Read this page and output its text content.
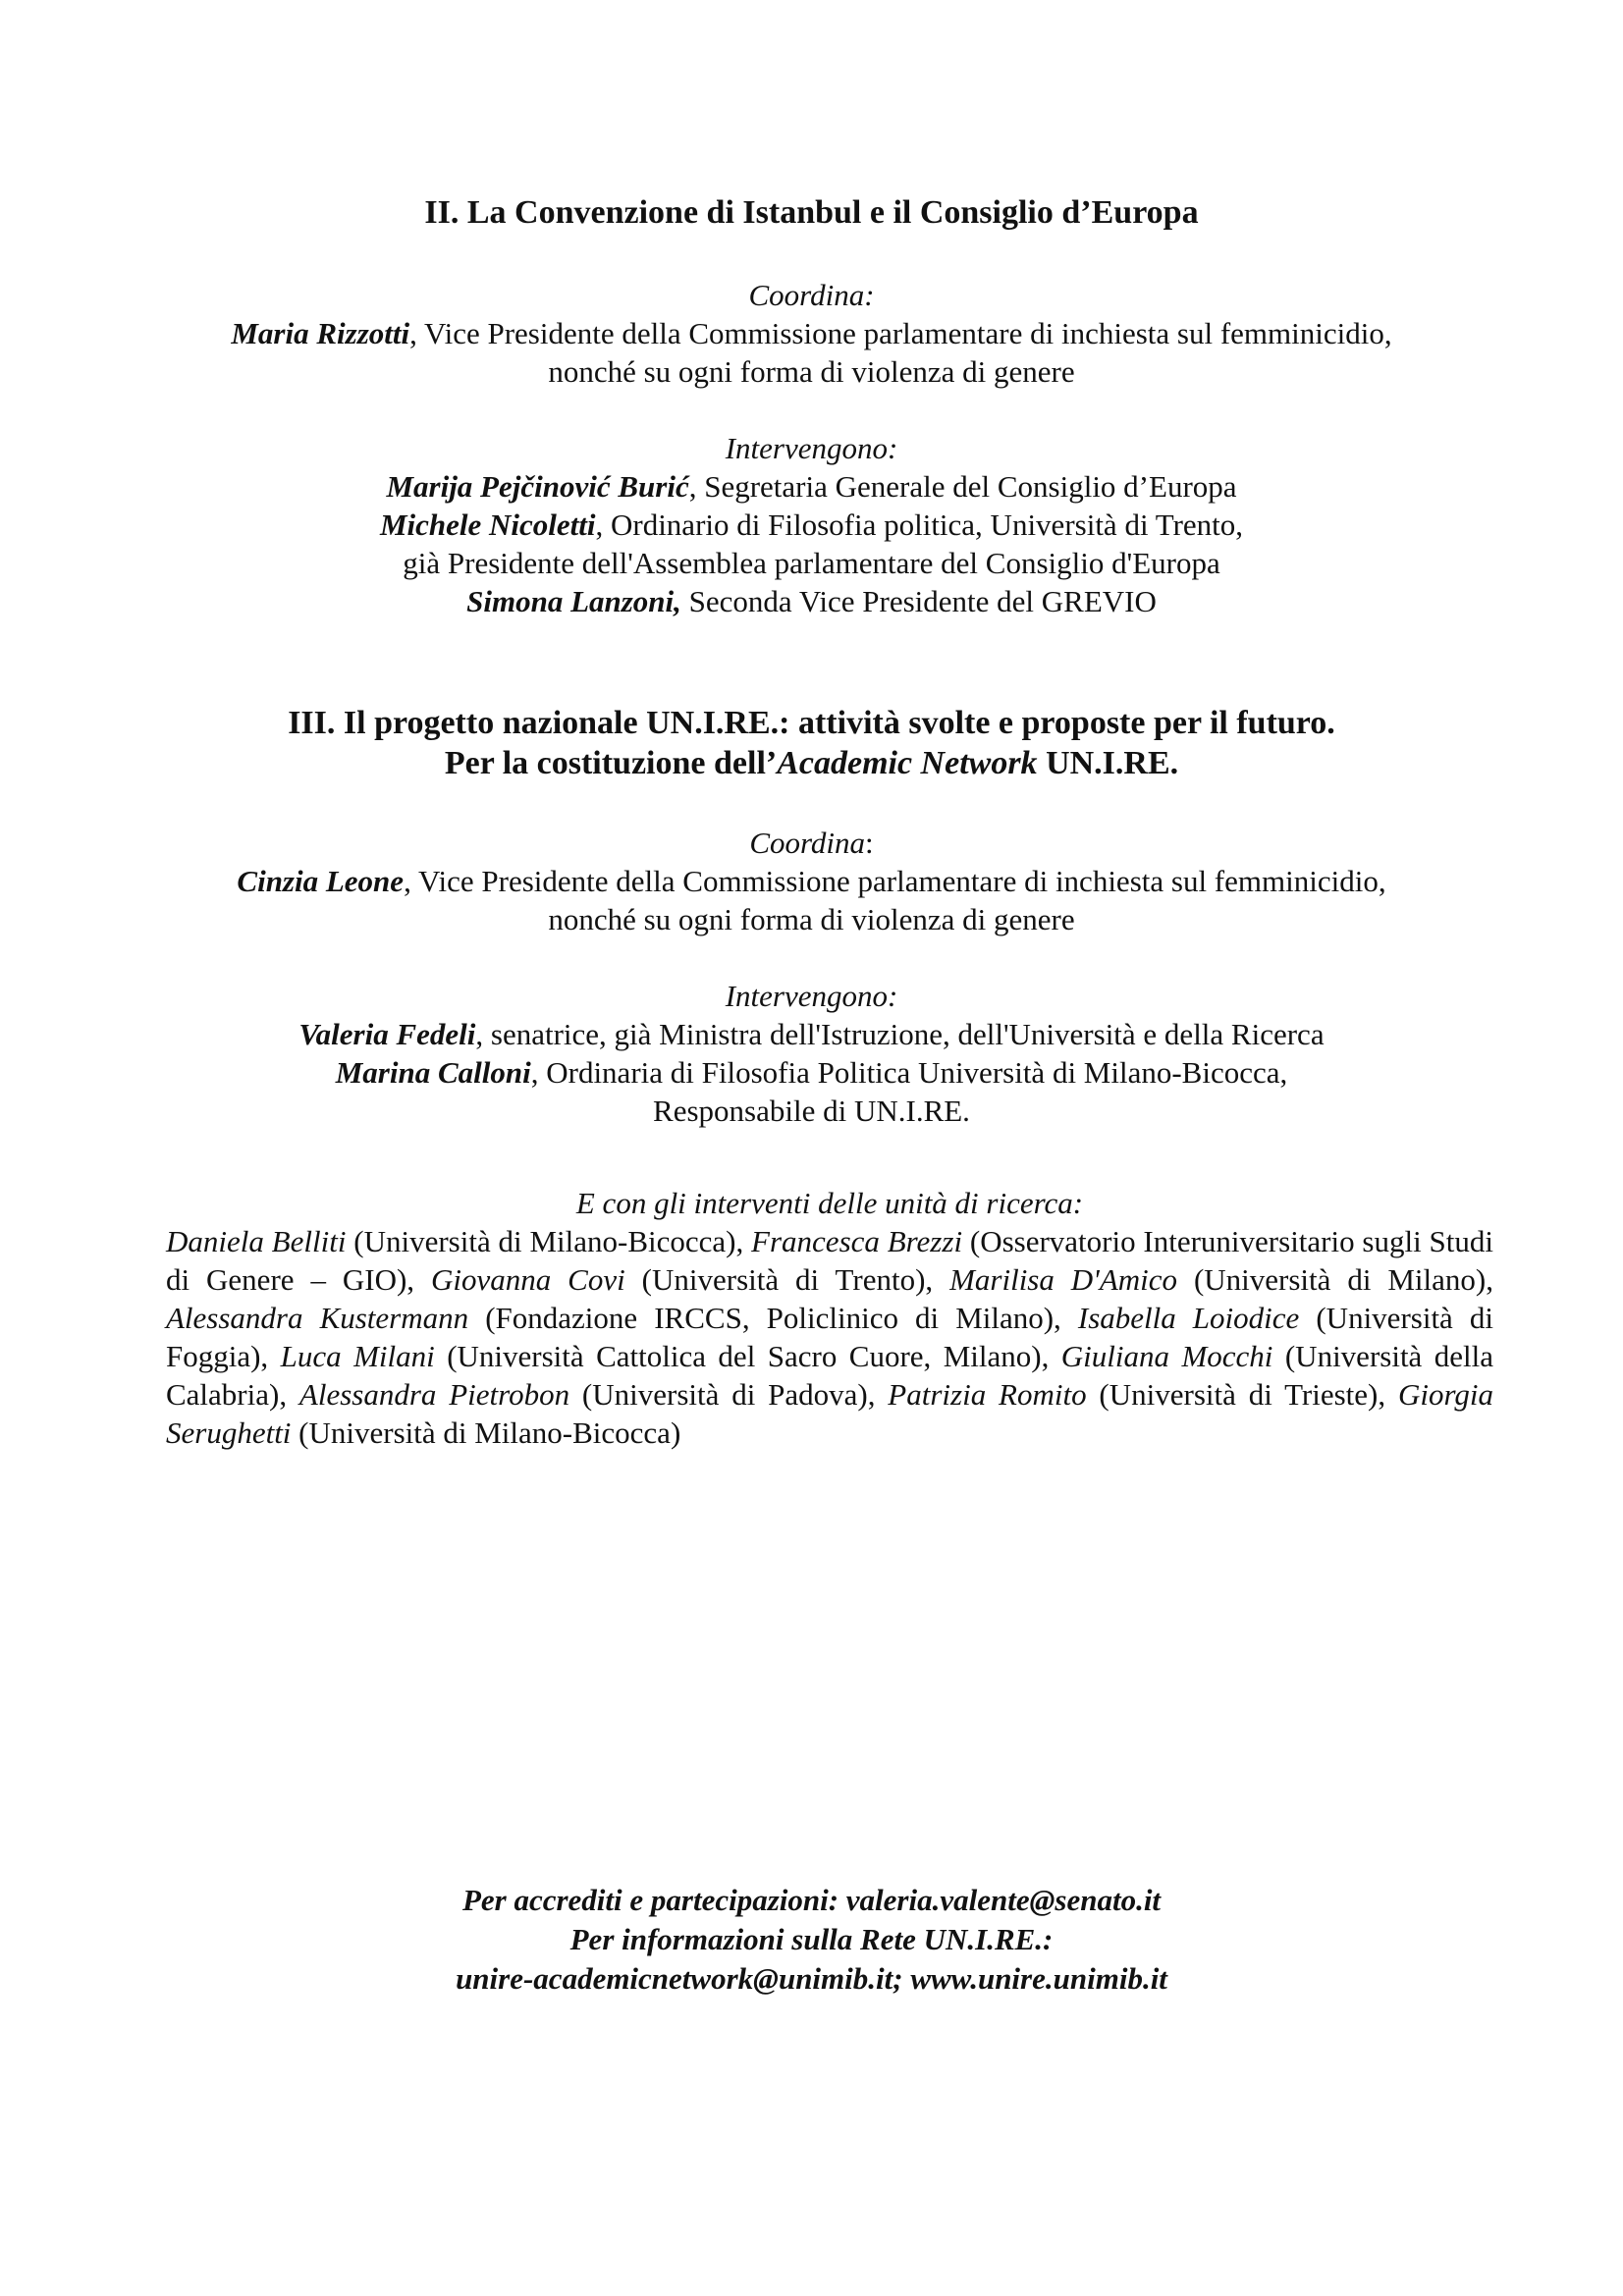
II. La Convenzione di Istanbul e il Consiglio d’Europa
Coordina:
Maria Rizzotti, Vice Presidente della Commissione parlamentare di inchiesta sul femminicidio,
nonché su ogni forma di violenza di genere
Intervengono:
Marija Pejčinović Burić, Segretaria Generale del Consiglio d’Europa
Michele Nicoletti, Ordinario di Filosofia politica, Università di Trento,
già Presidente dell'Assemblea parlamentare del Consiglio d'Europa
Simona Lanzoni, Seconda Vice Presidente del GREVIO
III. Il progetto nazionale UN.I.RE.: attività svolte e proposte per il futuro.
Per la costituzione dell’Academic Network UN.I.RE.
Coordina:
Cinzia Leone, Vice Presidente della Commissione parlamentare di inchiesta sul femminicidio,
nonché su ogni forma di violenza di genere
Intervengono:
Valeria Fedeli, senatrice, già Ministra dell'Istruzione, dell'Università e della Ricerca
Marina Calloni, Ordinaria di Filosofia Politica Università di Milano-Bicocca,
Responsabile di UN.I.RE.
E con gli interventi delle unità di ricerca:
Daniela Belliti (Università di Milano-Bicocca), Francesca Brezzi (Osservatorio Interuniversitario sugli Studi di Genere – GIO), Giovanna Covi (Università di Trento), Marilisa D'Amico (Università di Milano), Alessandra Kustermann (Fondazione IRCCS, Policlinico di Milano), Isabella Loiodice (Università di Foggia), Luca Milani (Università Cattolica del Sacro Cuore, Milano), Giuliana Mocchi (Università della Calabria), Alessandra Pietrobon (Università di Padova), Patrizia Romito (Università di Trieste), Giorgia Serughetti (Università di Milano-Bicocca)
Per accrediti e partecipazioni: valeria.valente@senato.it
Per informazioni sulla Rete UN.I.RE.:
unire-academicnetwork@unimib.it; www.unire.unimib.it
